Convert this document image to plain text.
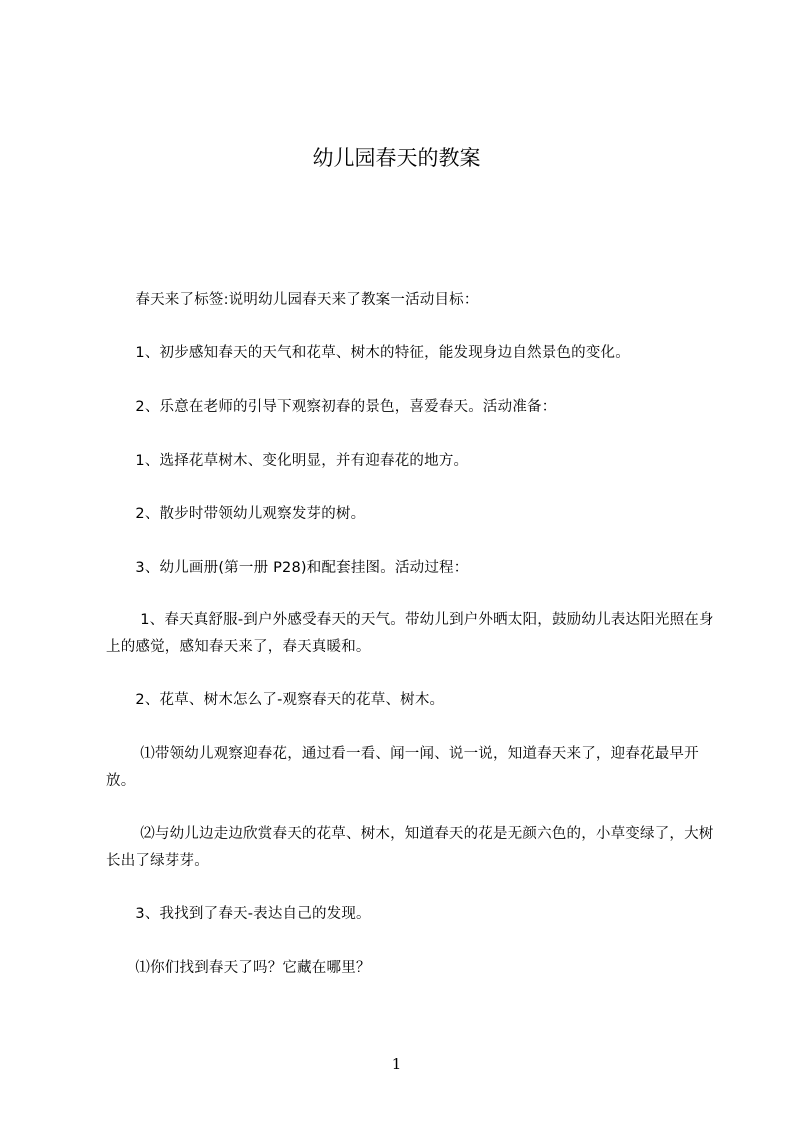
幼儿园春天的教案

　　春天来了标签:说明幼儿园春天来了教案一活动目标：

　　1、初步感知春天的天气和花草、树木的特征，能发现身边自然景色的变化。

　　2、乐意在老师的引导下观察初春的景色，喜爱春天。活动准备：

　　1、选择花草树木、变化明显，并有迎春花的地方。

　　2、散步时带领幼儿观察发芽的树。

　　3、幼儿画册(第一册 P28)和配套挂图。活动过程：

　　 1、春天真舒服-到户外感受春天的天气。带幼儿到户外晒太阳，鼓励幼儿表达阳光照在身上的感觉，感知春天来了，春天真暖和。

　　2、花草、树木怎么了-观察春天的花草、树木。

　　 ⑴带领幼儿观察迎春花，通过看一看、闻一闻、说一说，知道春天来了，迎春花最早开放。

　　 ⑵与幼儿边走边欣赏春天的花草、树木，知道春天的花是无颜六色的，小草变绿了，大树长出了绿芽芽。

　　3、我找到了春天-表达自己的发现。

　　⑴你们找到春天了吗？它藏在哪里？

1
